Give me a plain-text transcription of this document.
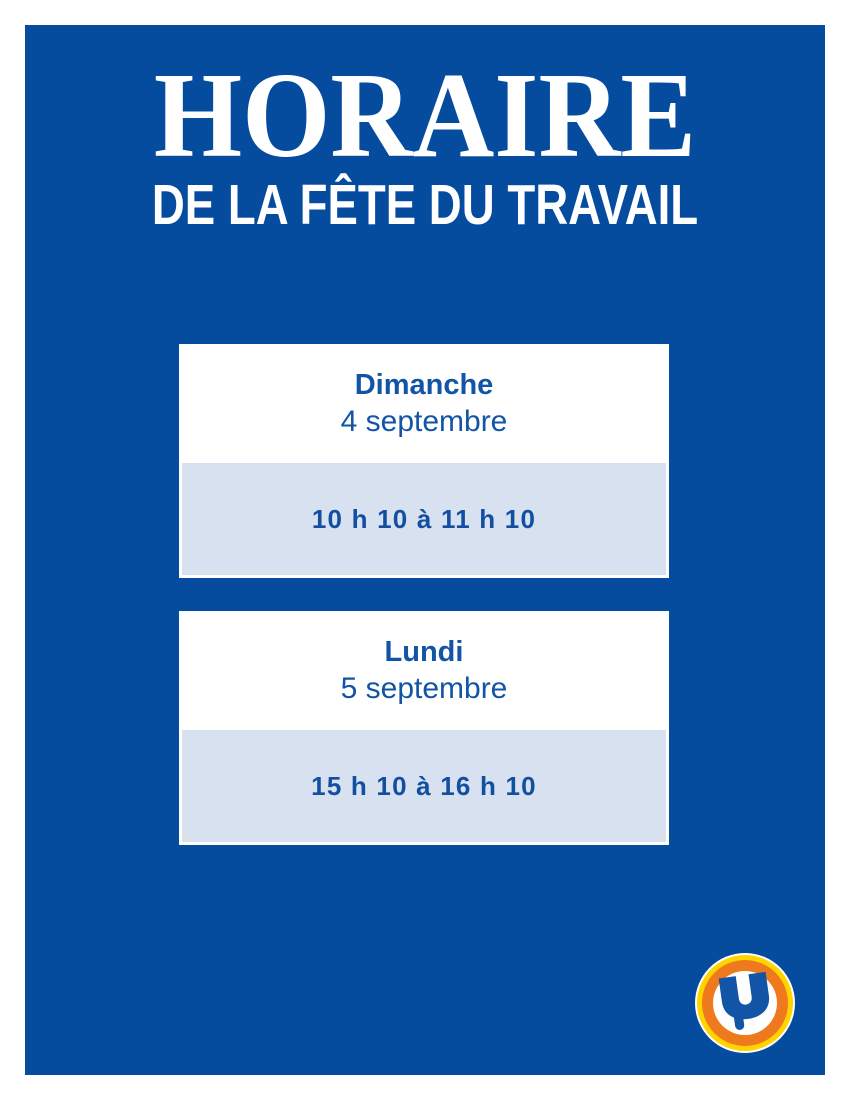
HORAIRE
DE LA FÊTE DU TRAVAIL
Dimanche
4 septembre
10 h 10 à 11 h 10
Lundi
5 septembre
15 h 10 à 16 h 10
